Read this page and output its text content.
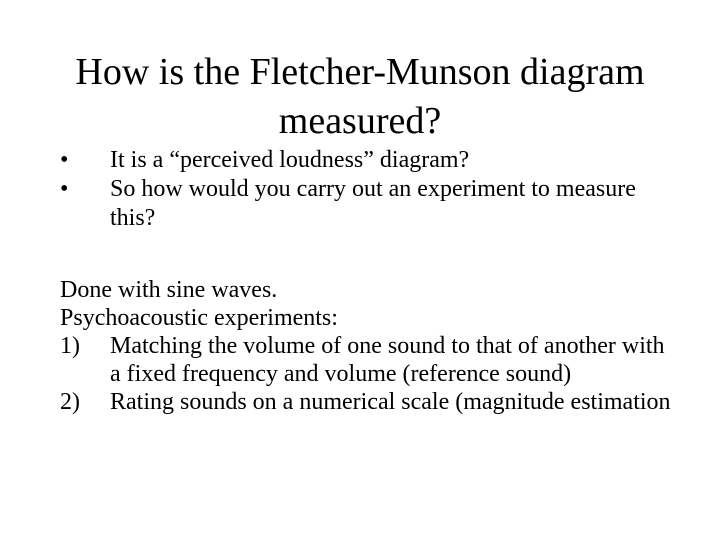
How is the Fletcher-Munson diagram
measured?
• It is a “perceived loudness” diagram?
• So how would you carry out an experiment to measure this?

Done with sine waves.

Psychoacoustic experiments:

1) Matching the volume of one sound to that of another with a fixed frequency and volume (reference sound)
2) Rating sounds on a numerical scale (magnitude estimation
